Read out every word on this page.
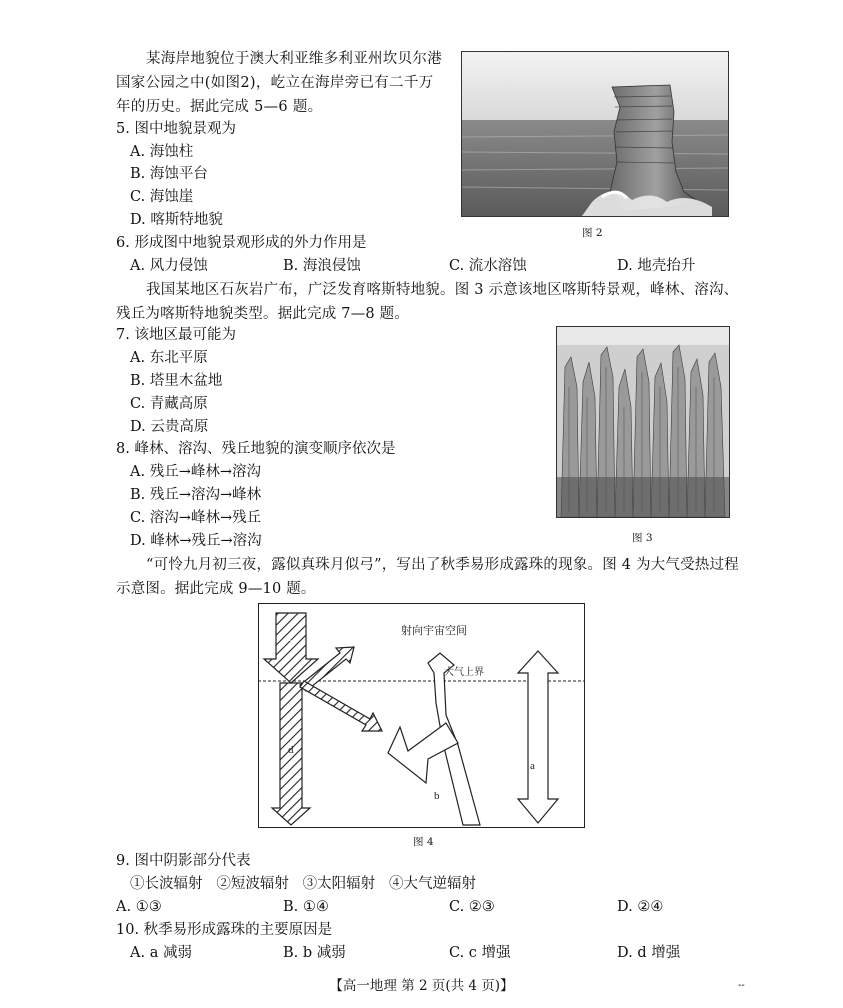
某海岸地貌位于澳大利亚维多利亚州坎贝尔港国家公园之中(如图2)，屹立在海岸旁已有二千万年的历史。据此完成 5—6 题。
图 2
5. 图中地貌景观为
A. 海蚀柱
B. 海蚀平台
C. 海蚀崖
D. 喀斯特地貌
6. 形成图中地貌景观形成的外力作用是
A. 风力侵蚀	B. 海浪侵蚀	C. 流水溶蚀	D. 地壳抬升
我国某地区石灰岩广布，广泛发育喀斯特地貌。图 3 示意该地区喀斯特景观，峰林、溶沟、残丘为喀斯特地貌类型。据此完成 7—8 题。
图 3
7. 该地区最可能为
A. 东北平原
B. 塔里木盆地
C. 青藏高原
D. 云贵高原
8. 峰林、溶沟、残丘地貌的演变顺序依次是
A. 残丘→峰林→溶沟
B. 残丘→溶沟→峰林
C. 溶沟→峰林→残丘
D. 峰林→残丘→溶沟
“可怜九月初三夜，露似真珠月似弓”，写出了秋季易形成露珠的现象。图 4 为大气受热过程示意图。据此完成 9—10 题。
射向宇宙空间
大气上界
a
b
c
d
图 4
9. 图中阴影部分代表
①长波辐射   ②短波辐射   ③太阳辐射   ④大气逆辐射
A. ①③	B. ①④	C. ②③	D. ②④
10. 秋季易形成露珠的主要原因是
A. a 减弱	B. b 减弱	C. c 增强	D. d 增强
【高一地理 第 2 页(共 4 页)】	--
